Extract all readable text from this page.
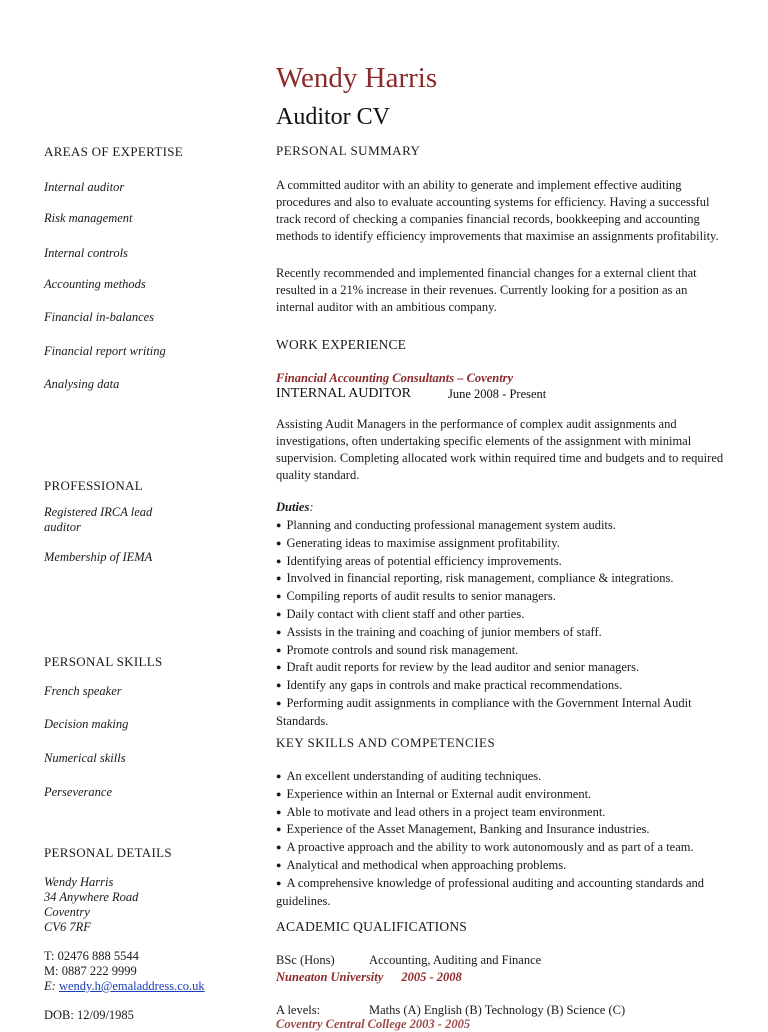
Wendy Harris
Auditor CV
AREAS OF EXPERTISE
Internal auditor
Risk management
Internal controls
Accounting methods
Financial in-balances
Financial report writing
Analysing data
PROFESSIONAL
Registered IRCA lead auditor
Membership of IEMA
PERSONAL SKILLS
French speaker
Decision making
Numerical skills
Perseverance
PERSONAL DETAILS
Wendy Harris
34 Anywhere Road
Coventry
CV6 7RF
T: 02476 888 5544
M: 0887 222 9999
E: wendy.h@emaladdress.co.uk
DOB: 12/09/1985
PERSONAL SUMMARY
A committed auditor with an ability to generate and implement effective auditing procedures and also to evaluate accounting systems for efficiency. Having a successful track record of checking a companies financial records, bookkeeping and accounting methods to identify efficiency improvements that maximise an assignments profitability.
Recently recommended and implemented financial changes for a external client that resulted in a 21% increase in their revenues. Currently looking for a position as an internal auditor with an ambitious company.
WORK EXPERIENCE
Financial Accounting Consultants – Coventry
INTERNAL AUDITOR	June 2008 - Present
Assisting Audit Managers in the performance of complex audit assignments and investigations, often undertaking specific elements of the assignment with minimal supervision. Completing allocated work within required time and budgets and to required quality standard.
Duties:
● Planning and conducting professional management system audits.
● Generating ideas to maximise assignment profitability.
● Identifying areas of potential efficiency improvements.
● Involved in financial reporting, risk management, compliance & integrations.
● Compiling reports of audit results to senior managers.
● Daily contact with client staff and other parties.
● Assists in the training and coaching of junior members of staff.
● Promote controls and sound risk management.
● Draft audit reports for review by the lead auditor and senior managers.
● Identify any gaps in controls and make practical recommendations.
● Performing audit assignments in compliance with the Government Internal Audit Standards.
KEY SKILLS AND COMPETENCIES
● An excellent understanding of auditing techniques.
● Experience within an Internal or External audit environment.
● Able to motivate and lead others in a project team environment.
● Experience of the Asset Management, Banking and Insurance industries.
● A proactive approach and the ability to work autonomously and as part of a team.
● Analytical and methodical when approaching problems.
● A comprehensive knowledge of professional auditing and accounting standards and guidelines.
ACADEMIC QUALIFICATIONS
BSc (Hons)	Accounting, Auditing and Finance
Nuneaton University 2005 - 2008
A levels:	Maths (A) English (B) Technology (B) Science (C)
Coventry Central College 2003 - 2005
